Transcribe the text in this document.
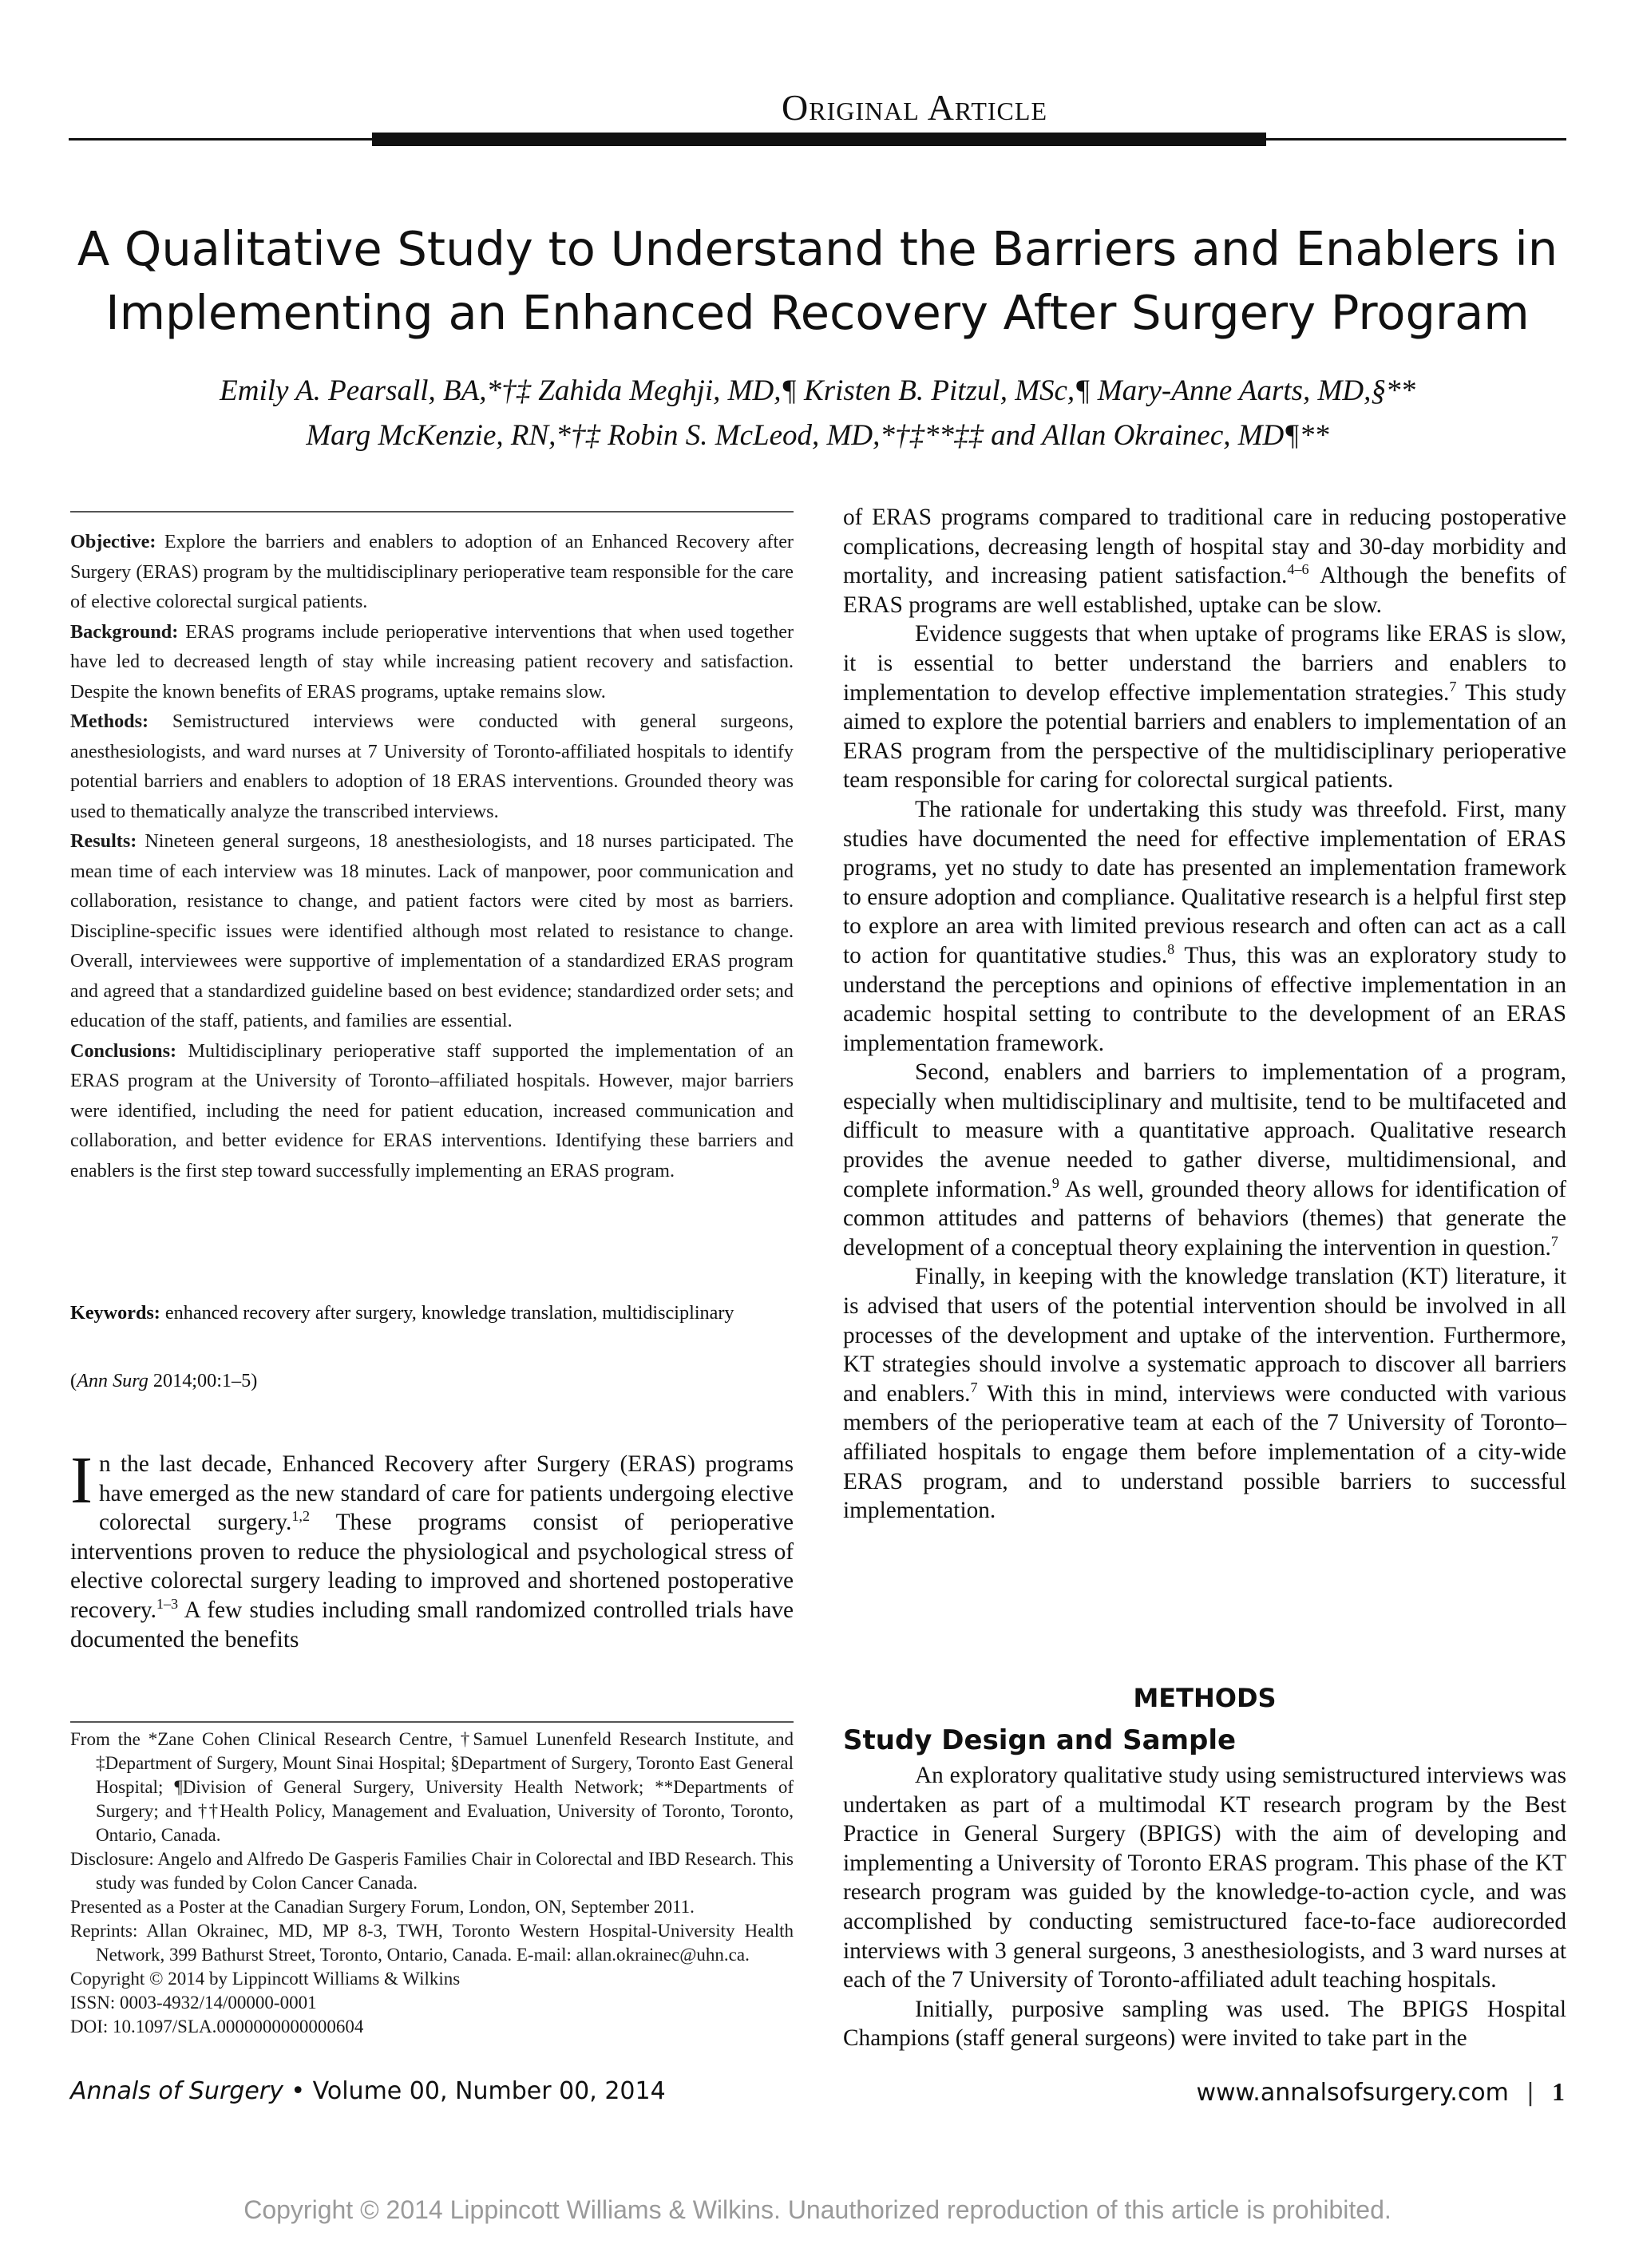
Original Article
A Qualitative Study to Understand the Barriers and Enablers in
Implementing an Enhanced Recovery After Surgery Program
Emily A. Pearsall, BA,*†‡ Zahida Meghji, MD,¶ Kristen B. Pitzul, MSc,¶ Mary-Anne Aarts, MD,§**
Marg McKenzie, RN,*†‡ Robin S. McLeod, MD,*†‡**‡‡ and Allan Okrainec, MD¶**

Objective: Explore the barriers and enablers to adoption of an Enhanced Recovery after Surgery (ERAS) program by the multidisciplinary perioperative team responsible for the care of elective colorectal surgical patients.

Background: ERAS programs include perioperative interventions that when used together have led to decreased length of stay while increasing patient recovery and satisfaction. Despite the known benefits of ERAS programs, uptake remains slow.

Methods: Semistructured interviews were conducted with general surgeons, anesthesiologists, and ward nurses at 7 University of Toronto-affiliated hospitals to identify potential barriers and enablers to adoption of 18 ERAS interventions. Grounded theory was used to thematically analyze the transcribed interviews.

Results: Nineteen general surgeons, 18 anesthesiologists, and 18 nurses participated. The mean time of each interview was 18 minutes. Lack of manpower, poor communication and collaboration, resistance to change, and patient factors were cited by most as barriers. Discipline-specific issues were identified although most related to resistance to change. Overall, interviewees were supportive of implementation of a standardized ERAS program and agreed that a standardized guideline based on best evidence; standardized order sets; and education of the staff, patients, and families are essential.

Conclusions: Multidisciplinary perioperative staff supported the implementation of an ERAS program at the University of Toronto–affiliated hospitals. However, major barriers were identified, including the need for patient education, increased communication and collaboration, and better evidence for ERAS interventions. Identifying these barriers and enablers is the first step toward successfully implementing an ERAS program.

Keywords: enhanced recovery after surgery, knowledge translation, multidisciplinary
(Ann Surg 2014;00:1–5)
In the last decade, Enhanced Recovery after Surgery (ERAS) programs have emerged as the new standard of care for patients undergoing elective colorectal surgery.$^{1,2}$ These programs consist of perioperative interventions proven to reduce the physiological and psychological stress of elective colorectal surgery leading to improved and shortened postoperative recovery.$^{1-3}$ A few studies including small randomized controlled trials have documented the benefits

From the *Zane Cohen Clinical Research Centre, †Samuel Lunenfeld Research Institute, and ‡Department of Surgery, Mount Sinai Hospital; §Department of Surgery, Toronto East General Hospital; ¶Division of General Surgery, University Health Network; **Departments of Surgery; and ††Health Policy, Management and Evaluation, University of Toronto, Toronto, Ontario, Canada.

Disclosure: Angelo and Alfredo De Gasperis Families Chair in Colorectal and IBD Research. This study was funded by Colon Cancer Canada.

Presented as a Poster at the Canadian Surgery Forum, London, ON, September 2011.

Reprints: Allan Okrainec, MD, MP 8-3, TWH, Toronto Western Hospital-University Health Network, 399 Bathurst Street, Toronto, Ontario, Canada. E-mail: allan.okrainec@uhn.ca.

Copyright © 2014 by Lippincott Williams & Wilkins

ISSN: 0003-4932/14/00000-0001

DOI: 10.1097/SLA.0000000000000604

of ERAS programs compared to traditional care in reducing postoperative complications, decreasing length of hospital stay and 30-day morbidity and mortality, and increasing patient satisfaction.$^{4-6}$ Although the benefits of ERAS programs are well established, uptake can be slow.

Evidence suggests that when uptake of programs like ERAS is slow, it is essential to better understand the barriers and enablers to implementation to develop effective implementation strategies.$^7$ This study aimed to explore the potential barriers and enablers to implementation of an ERAS program from the perspective of the multidisciplinary perioperative team responsible for caring for colorectal surgical patients.

The rationale for undertaking this study was threefold. First, many studies have documented the need for effective implementation of ERAS programs, yet no study to date has presented an implementation framework to ensure adoption and compliance. Qualitative research is a helpful first step to explore an area with limited previous research and often can act as a call to action for quantitative studies.$^8$ Thus, this was an exploratory study to understand the perceptions and opinions of effective implementation in an academic hospital setting to contribute to the development of an ERAS implementation framework.

Second, enablers and barriers to implementation of a program, especially when multidisciplinary and multisite, tend to be multifaceted and difficult to measure with a quantitative approach. Qualitative research provides the avenue needed to gather diverse, multidimensional, and complete information.$^9$ As well, grounded theory allows for identification of common attitudes and patterns of behaviors (themes) that generate the development of a conceptual theory explaining the intervention in question.$^7$

Finally, in keeping with the knowledge translation (KT) literature, it is advised that users of the potential intervention should be involved in all processes of the development and uptake of the intervention. Furthermore, KT strategies should involve a systematic approach to discover all barriers and enablers.$^7$ With this in mind, interviews were conducted with various members of the perioperative team at each of the 7 University of Toronto–affiliated hospitals to engage them before implementation of a city-wide ERAS program, and to understand possible barriers to successful implementation.

METHODS
Study Design and Sample

An exploratory qualitative study using semistructured interviews was undertaken as part of a multimodal KT research program by the Best Practice in General Surgery (BPIGS) with the aim of developing and implementing a University of Toronto ERAS program. This phase of the KT research program was guided by the knowledge-to-action cycle, and was accomplished by conducting semistructured face-to-face audiorecorded interviews with 3 general surgeons, 3 anesthesiologists, and 3 ward nurses at each of the 7 University of Toronto-affiliated adult teaching hospitals.

Initially, purposive sampling was used. The BPIGS Hospital Champions (staff general surgeons) were invited to take part in the

Annals of Surgery • Volume 00, Number 00, 2014	www.annalsofsurgery.com | 1
Copyright © 2014 Lippincott Williams & Wilkins. Unauthorized reproduction of this article is prohibited.
